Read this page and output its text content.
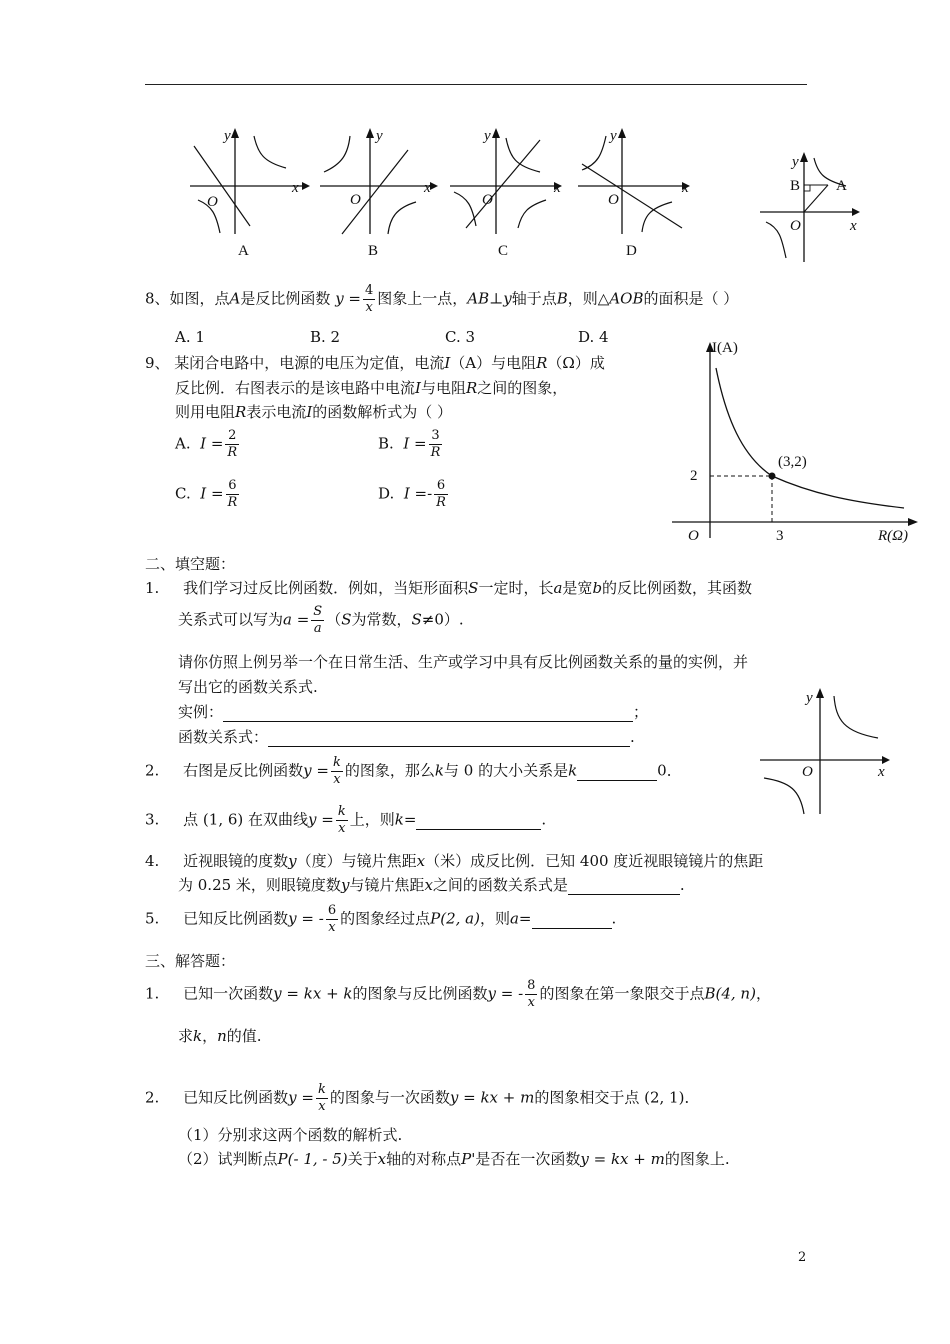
x
y
O
A
x
y
O
B
x
y
O
C
x
y
O
D
y
x
B A
O
8、如图，点A是反比例函数 $y = \frac{4}{x}$ 图象上一点，AB⊥y轴于点B，则△AOB的面积是（ ）
A. 1	B. 2	C. 3	D. 4
9、 某闭合电路中，电源的电压为定值，电流I（A）与电阻R（Ω）成
反比例．右图表示的是该电路中电流I与电阻R之间的图象，
则用电阻R表示电流I的函数解析式为（ ）
A. $I = \frac{2}{R}$	B. $I = \frac{3}{R}$
C. $I = \frac{6}{R}$	D. $I =- \frac{6}{R}$
I(A)
(3,2)
2
3
O	R(Ω)
二、填空题：
1. 我们学习过反比例函数．例如，当矩形面积S一定时，长a是宽b的反比例函数，其函数
关系式可以写为$a = \frac{S}{a} (S$为常数，S≠0）.
请你仿照上例另举一个在日常生活、生产或学习中具有反比例函数关系的量的实例，并
写出它的函数关系式.
实例：	；
函数关系式：	.
2. 右图是反比例函数$y = \frac{k}{x}$ 的图象，那么k与 0 的大小关系是k	0．
3. 点 (1, 6) 在双曲线$y = \frac{k}{x}$ 上，则k=	.
4. 近视眼镜的度数y（度）与镜片焦距x（米）成反比例．已知 400 度近视眼镜镜片的焦距
为 0.25 米，则眼镜度数y与镜片焦距x之间的函数关系式是	.
5. 已知反比例函数y = - $\frac{6}{x}$ 的图象经过点P(2, a)，则a=	.
y
x
O
三、解答题：
1. 已知一次函数y = kx + k的图象与反比例函数y = - $\frac{8}{x}$ 的图象在第一象限交于点B(4, n)，
求k，n的值.
2. 已知反比例函数$y = \frac{k}{x}$ 的图象与一次函数y = kx + m的图象相交于点 (2, 1)．
（1）分别求这两个函数的解析式.
（2）试判断点P(- 1, - 5)关于x轴的对称点P'是否在一次函数y = kx + m的图象上.
2
